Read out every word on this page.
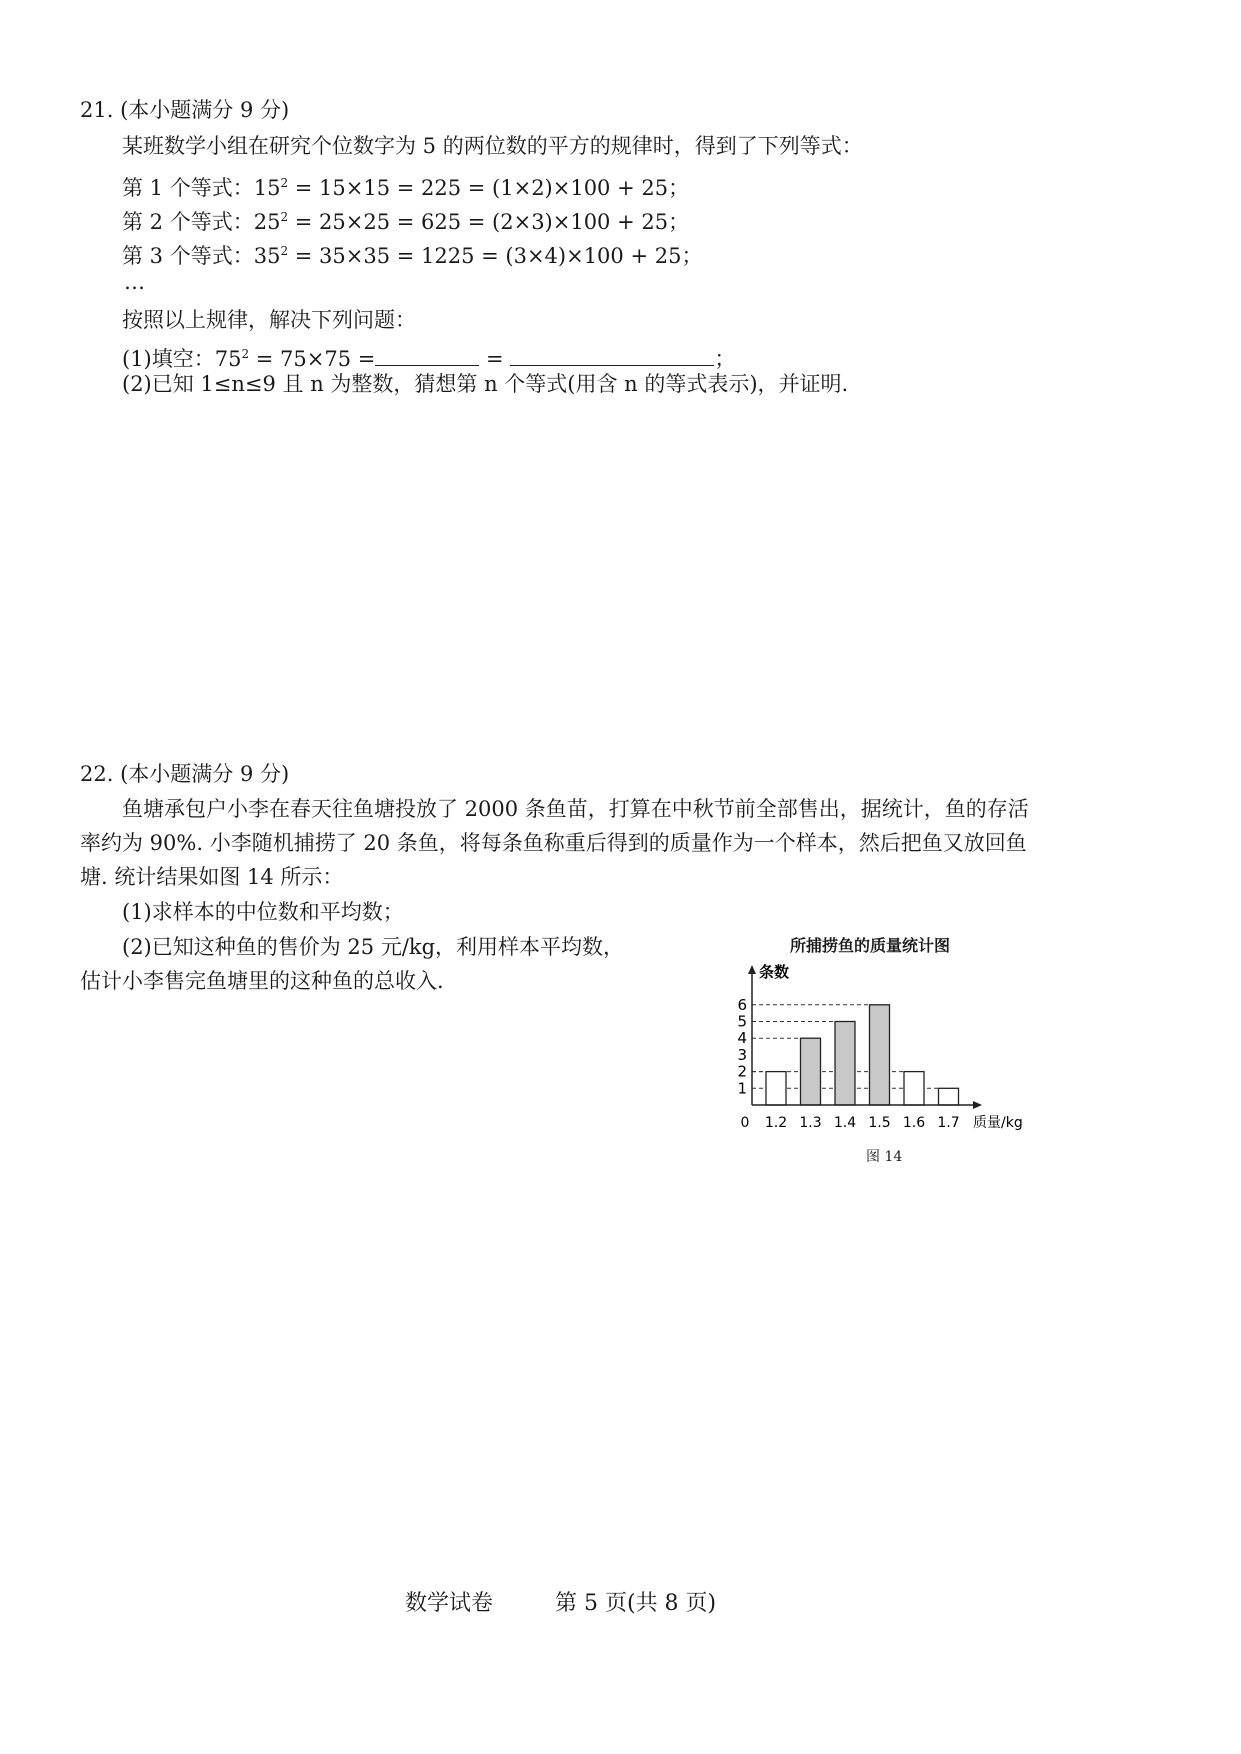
21. (本小题满分 9 分)
某班数学小组在研究个位数字为 5 的两位数的平方的规律时，得到了下列等式：
第 1 个等式：$15^2 = 15\times 15 = 225 = (1\times 2)\times 100 + 25$；
第 2 个等式：$25^2 = 25\times 25 = 625 = (2\times 3)\times 100 + 25$；
第 3 个等式：$35^2 = 35\times 35 = 1225 = (3\times 4)\times 100 + 25$；
…
按照以上规律，解决下列问题：
(1)填空：$75^2 = 75\times 75$ =	=	；
(2)已知 1≤n≤9 且 n 为整数，猜想第 n 个等式(用含 n 的等式表示)，并证明.
22. (本小题满分 9 分)
鱼塘承包户小李在春天往鱼塘投放了 2000 条鱼苗，打算在中秋节前全部售出，据统计，鱼的存活
率约为 90%. 小李随机捕捞了 20 条鱼，将每条鱼称重后得到的质量作为一个样本，然后把鱼又放回鱼
塘. 统计结果如图 14 所示：
(1)求样本的中位数和平均数；
(2)已知这种鱼的售价为 25 元/kg，利用样本平均数，
估计小李售完鱼塘里的这种鱼的总收入.
所捕捞鱼的质量统计图
1
2
3
4
5
6
0 1.2 1.3 1.4 1.5 1.6 1.7 质量/kg
条数
图 14
数学试卷	第 5 页(共 8 页)
